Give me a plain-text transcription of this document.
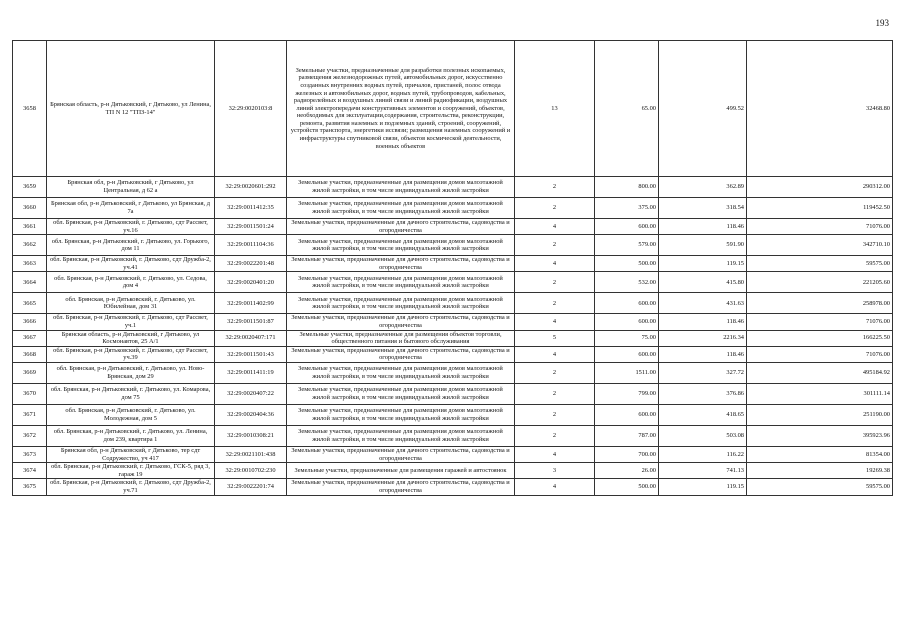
193
3658	Брянская область, р-н Дятьковский, г Дятьково, ул Ленина, ТП N 12 "ТПЗ-14"	32:29:0020103:8	Земельные участки, предназначенные для разработки полезных ископаемых, размещения железнодорожных путей, автомобильных дорог, искусственно созданных внутренних водных путей, причалов, пристаней, полос отвода железных и автомобильных дорог, водных путей, трубопроводов, кабельных, радиорелейных и воздушных линий связи и линий радиофикации, воздушных линий электропередачи конструктивных элементов и сооружений, объектов, необходимых для эксплуатации,содержания, строительства, реконструкции, ремонта, развития наземных и подземных зданий, строений, сооружений, устройств транспорта, энергетики иссвязи; размещения наземных сооружений и инфраструктуры спутниковой связи, объектов космической деятельности, военных объектов	13	65.00	499.52	32468.80
3659	Брянская обл, р-н Дятьковский, г Дятьково, ул Центральная, д 62 а	32:29:0020601:292	Земельные участки, предназначенные для размещения домов малоэтажной жилой застройки, в том числе индивидуальной жилой застройки	2	800.00	362.89	290312.00
3660	Брянская обл, р-н Дятьковский, г Дятьково, ул Брянская, д 7а	32:29:0011412:35	Земельные участки, предназначенные для размещения домов малоэтажной жилой застройки, в том числе индивидуальной жилой застройки	2	375.00	318.54	119452.50
3661	обл. Брянская, р-н Дятьковский, г. Дятьково, сдт Рассвет, уч.16	32:29:0011501:24	Земельные участки, предназначенные для дачного строительства, садоводства и огородничества	4	600.00	118.46	71076.00
3662	обл. Брянская, р-н Дятьковский, г. Дятьково, ул. Горького, дом 11	32:29:0011104:36	Земельные участки, предназначенные для размещения домов малоэтажной жилой застройки, в том числе индивидуальной жилой застройки	2	579.00	591.90	342710.10
3663	обл. Брянская, р-н Дятьковский, г. Дятьково, сдт Дружба-2, уч.41	32:29:0022201:48	Земельные участки, предназначенные для дачного строительства, садоводства и огородничества	4	500.00	119.15	59575.00
3664	обл. Брянская, р-н Дятьковский, г. Дятьково, ул. Седова, дом 4	32:29:0020401:20	Земельные участки, предназначенные для размещения домов малоэтажной жилой застройки, в том числе индивидуальной жилой застройки	2	532.00	415.80	221205.60
3665	обл. Брянская, р-н Дятьковский, г. Дятьково, ул. Юбилейная, дом 31	32:29:0011402:99	Земельные участки, предназначенные для размещения домов малоэтажной жилой застройки, в том числе индивидуальной жилой застройки	2	600.00	431.63	258978.00
3666	обл. Брянская, р-н Дятьковский, г. Дятьково, сдт Рассвет, уч.1	32:29:0011501:87	Земельные участки, предназначенные для дачного строительства, садоводства и огородничества	4	600.00	118.46	71076.00
3667	Брянская область, р-н Дятьковский, г Дятьково, ул Космонавтов, 25 А/1	32:29:0020407:171	Земельные участки, предназначенные для размещения объектов торговли, общественного питания и бытового обслуживания	5	75.00	2216.34	166225.50
3668	обл. Брянская, р-н Дятьковский, г. Дятьково, сдт Рассвет, уч.39	32:29:0011501:43	Земельные участки, предназначенные для дачного строительства, садоводства и огородничества	4	600.00	118.46	71076.00
3669	обл. Брянская, р-н Дятьковский, г. Дятьково, ул. Ново-Брянская, дом 29	32:29:0011411:19	Земельные участки, предназначенные для размещения домов малоэтажной жилой застройки, в том числе индивидуальной жилой застройки	2	1511.00	327.72	495184.92
3670	обл. Брянская, р-н Дятьковский, г. Дятьково, ул. Комарова, дом 75	32:29:0020407:22	Земельные участки, предназначенные для размещения домов малоэтажной жилой застройки, в том числе индивидуальной жилой застройки	2	799.00	376.86	301111.14
3671	обл. Брянская, р-н Дятьковский, г. Дятьково, ул. Молодежная, дом 5	32:29:0020404:36	Земельные участки, предназначенные для размещения домов малоэтажной жилой застройки, в том числе индивидуальной жилой застройки	2	600.00	418.65	251190.00
3672	обл. Брянская, р-н Дятьковский, г. Дятьково, ул. Ленина, дом 239, квартира 1	32:29:0010308:21	Земельные участки, предназначенные для размещения домов малоэтажной жилой застройки, в том числе индивидуальной жилой застройки	2	787.00	503.08	395923.96
3673	Брянская обл, р-н Дятьковский, г Дятьково, тер сдт Содружество, уч 417	32:29:0021101:438	Земельные участки, предназначенные для дачного строительства, садоводства и огородничества	4	700.00	116.22	81354.00
3674	обл. Брянская, р-н Дятьковский, г. Дятьково, ГСК-5, ряд 3, гараж 19	32:29:0010702:230	Земельные участки, предназначенные для размещения гаражей и автостоянок	3	26.00	741.13	19269.38
3675	обл. Брянская, р-н Дятьковский, г. Дятьково, сдт Дружба-2, уч.71	32:29:0022201:74	Земельные участки, предназначенные для дачного строительства, садоводства и огородничества	4	500.00	119.15	59575.00
